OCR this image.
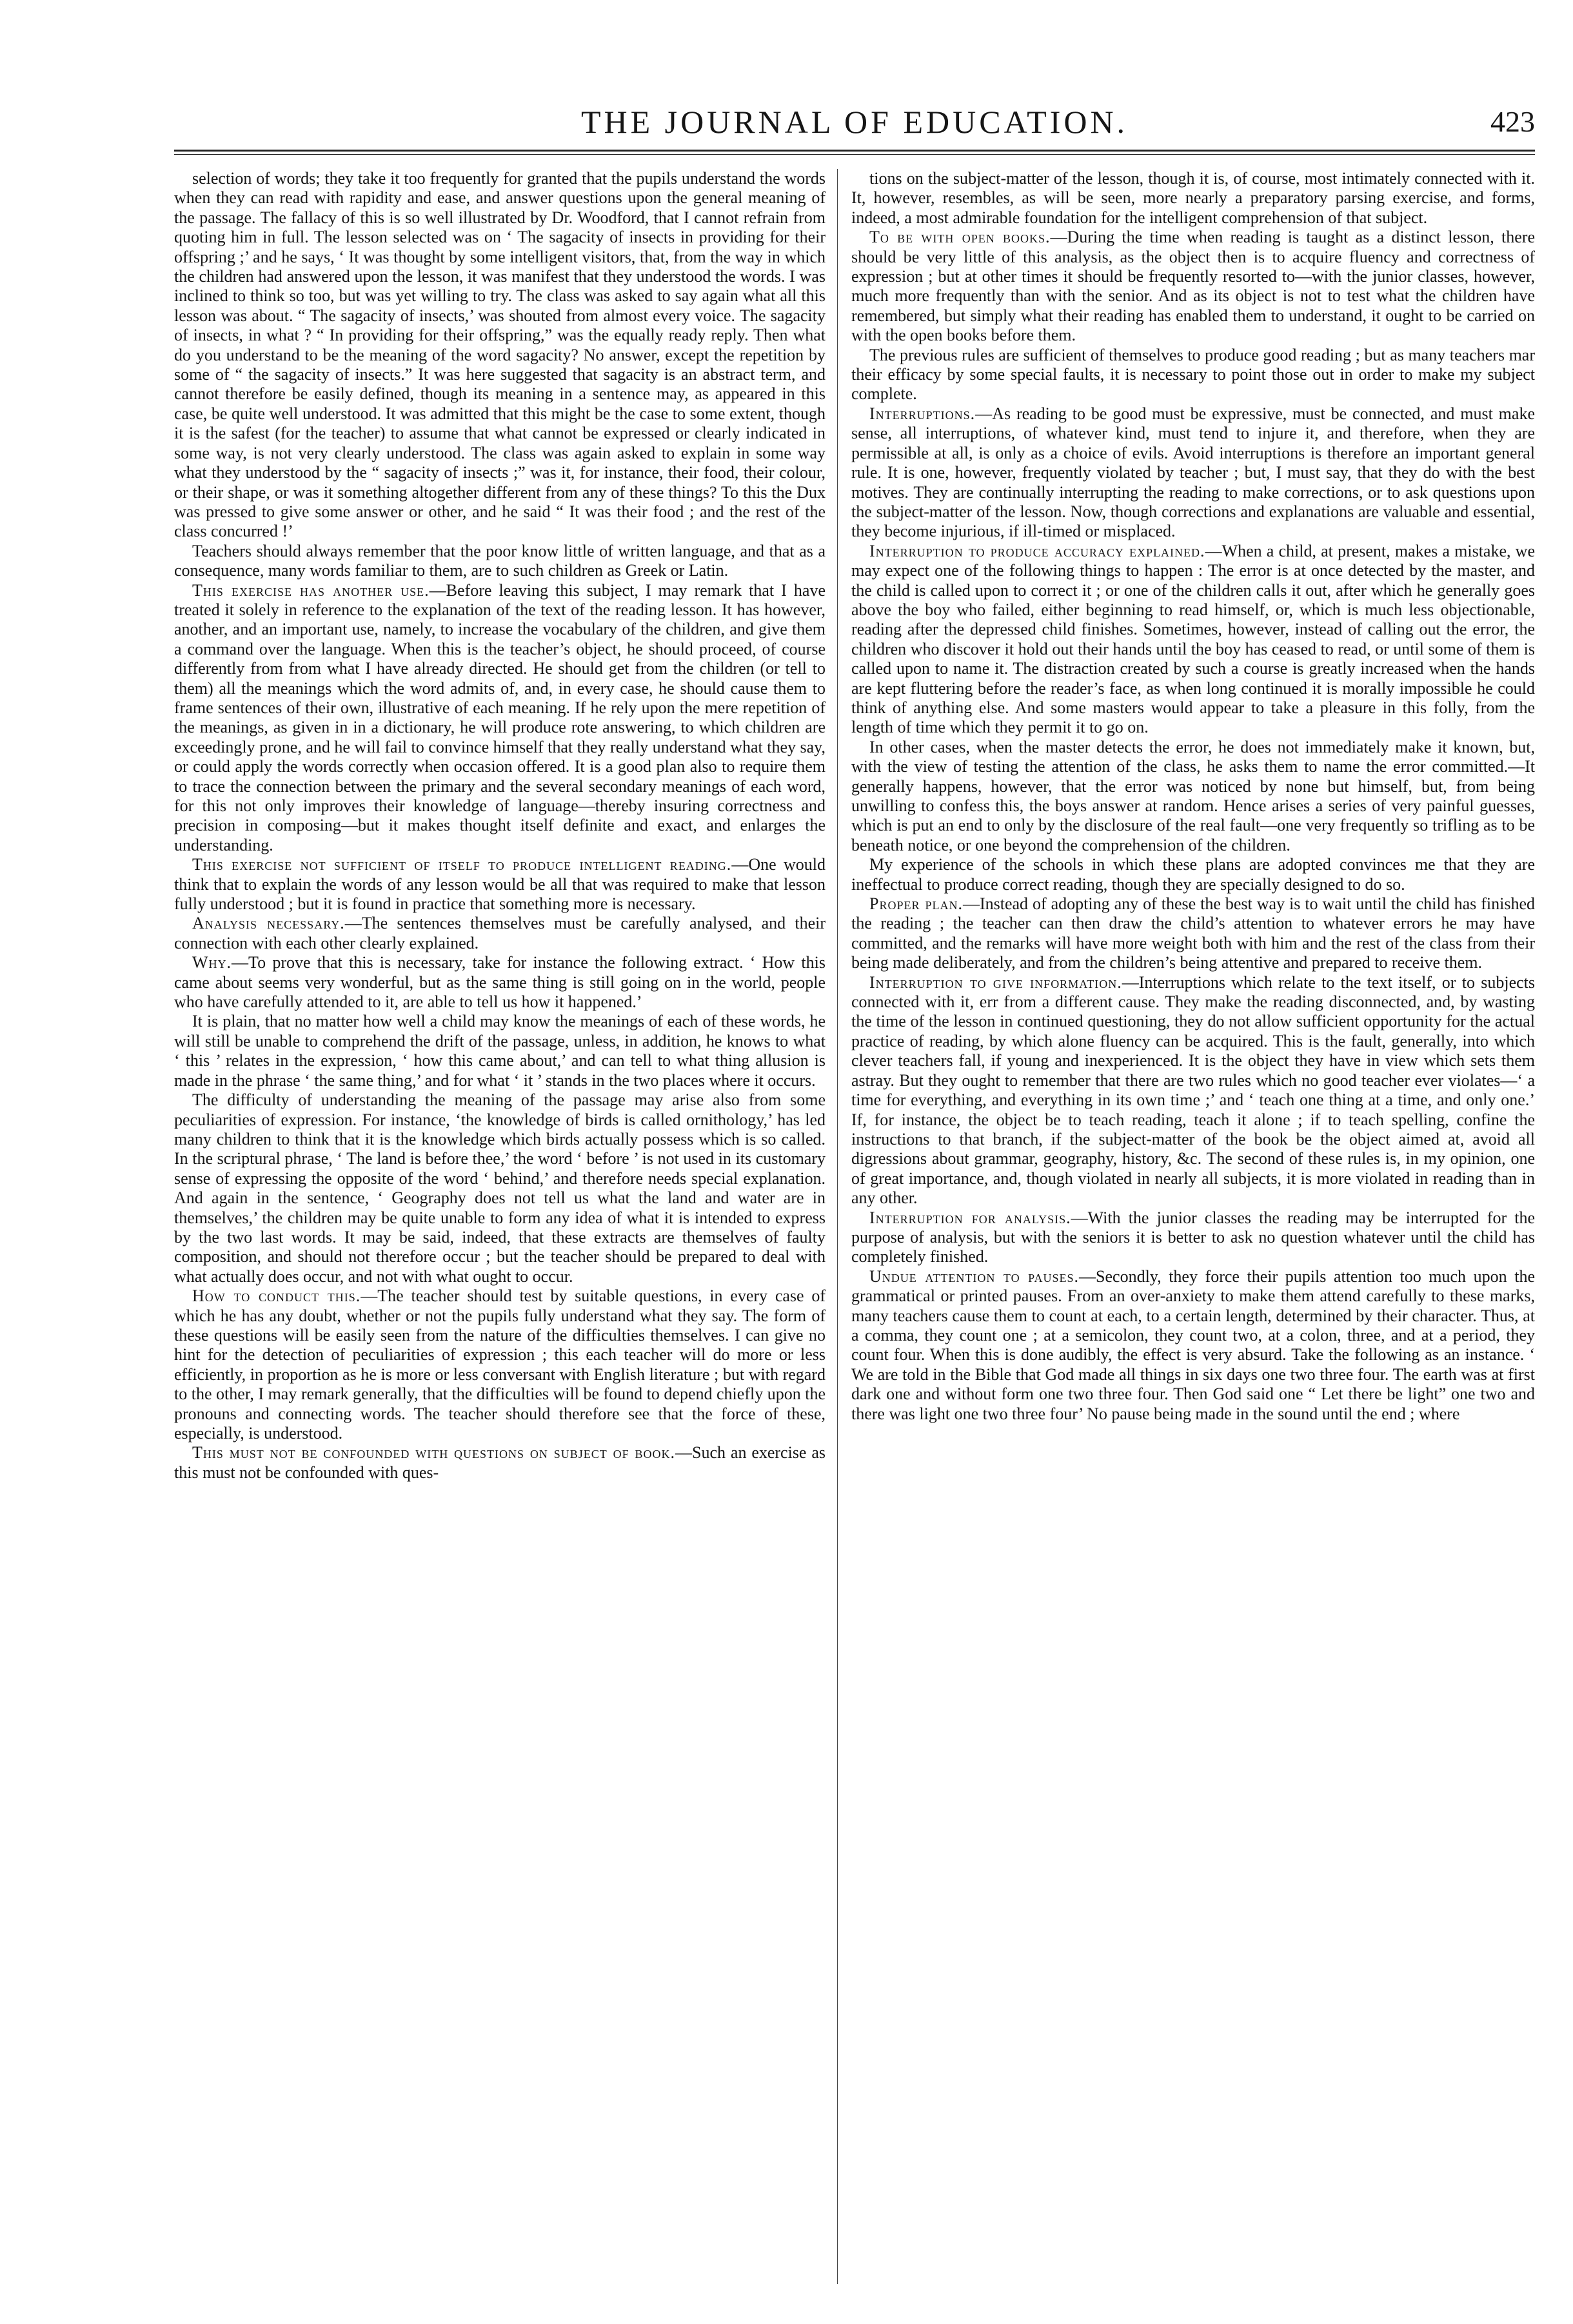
THE JOURNAL OF EDUCATION.	423

selection of words; they take it too frequently for granted that the pupils understand the words when they can read with rapidity and ease, and answer questions upon the general meaning of the passage. The fallacy of this is so well illustrated by Dr. Woodford, that I cannot refrain from quoting him in full. The lesson selected was on ‘ The sagacity of insects in providing for their offspring ;’ and he says, ‘ It was thought by some intelligent visitors, that, from the way in which the children had answered upon the lesson, it was manifest that they understood the words. I was inclined to think so too, but was yet willing to try. The class was asked to say again what all this lesson was about. “ The sagacity of insects,’ was shouted from almost every voice. The sagacity of insects, in what ? “ In providing for their offspring,” was the equally ready reply. Then what do you understand to be the meaning of the word sagacity? No answer, except the repetition by some of “ the sagacity of insects.” It was here suggested that sagacity is an abstract term, and cannot therefore be easily defined, though its meaning in a sentence may, as appeared in this case, be quite well understood. It was admitted that this might be the case to some extent, though it is the safest (for the teacher) to assume that what cannot be expressed or clearly indicated in some way, is not very clearly understood. The class was again asked to explain in some way what they understood by the “ sagacity of insects ;” was it, for instance, their food, their colour, or their shape, or was it something altogether different from any of these things? To this the Dux was pressed to give some answer or other, and he said “ It was their food ; and the rest of the class concurred !’

Teachers should always remember that the poor know little of written language, and that as a consequence, many words familiar to them, are to such children as Greek or Latin.

This exercise has another use.—Before leaving this subject, I may remark that I have treated it solely in reference to the explanation of the text of the reading lesson. It has however, another, and an important use, namely, to increase the vocabulary of the children, and give them a command over the language. When this is the teacher’s object, he should proceed, of course differently from from what I have already directed. He should get from the children (or tell to them) all the meanings which the word admits of, and, in every case, he should cause them to frame sentences of their own, illustrative of each meaning. If he rely upon the mere repetition of the meanings, as given in in a dictionary, he will produce rote answering, to which children are exceedingly prone, and he will fail to convince himself that they really understand what they say, or could apply the words correctly when occasion offered. It is a good plan also to require them to trace the connection between the primary and the several secondary meanings of each word, for this not only improves their knowledge of language—thereby insuring correctness and precision in composing—but it makes thought itself definite and exact, and enlarges the understanding.

This exercise not sufficient of itself to produce intelligent reading.—One would think that to explain the words of any lesson would be all that was required to make that lesson fully understood ; but it is found in practice that something more is necessary.

Analysis necessary.—The sentences themselves must be carefully analysed, and their connection with each other clearly explained.

Why.—To prove that this is necessary, take for instance the following extract. ‘ How this came about seems very wonderful, but as the same thing is still going on in the world, people who have carefully attended to it, are able to tell us how it happened.’

It is plain, that no matter how well a child may know the meanings of each of these words, he will still be unable to comprehend the drift of the passage, unless, in addition, he knows to what ‘ this ’ relates in the expression, ‘ how this came about,’ and can tell to what thing allusion is made in the phrase ‘ the same thing,’ and for what ‘ it ’ stands in the two places where it occurs.

The difficulty of understanding the meaning of the passage may arise also from some peculiarities of expression. For instance, ‘the knowledge of birds is called ornithology,’ has led many children to think that it is the knowledge which birds actually possess which is so called. In the scriptural phrase, ‘ The land is before thee,’ the word ‘ before ’ is not used in its customary sense of expressing the opposite of the word ‘ behind,’ and therefore needs special explanation. And again in the sentence, ‘ Geography does not tell us what the land and water are in themselves,’ the children may be quite unable to form any idea of what it is intended to express by the two last words. It may be said, indeed, that these extracts are themselves of faulty composition, and should not therefore occur ; but the teacher should be prepared to deal with what actually does occur, and not with what ought to occur.

How to conduct this.—The teacher should test by suitable questions, in every case of which he has any doubt, whether or not the pupils fully understand what they say. The form of these questions will be easily seen from the nature of the difficulties themselves. I can give no hint for the detection of peculiarities of expression ; this each teacher will do more or less efficiently, in proportion as he is more or less conversant with English literature ; but with regard to the other, I may remark generally, that the difficulties will be found to depend chiefly upon the pronouns and connecting words. The teacher should therefore see that the force of these, especially, is understood.

This must not be confounded with questions on subject of book.—Such an exercise as this must not be confounded with ques-

tions on the subject-matter of the lesson, though it is, of course, most intimately connected with it. It, however, resembles, as will be seen, more nearly a preparatory parsing exercise, and forms, indeed, a most admirable foundation for the intelligent comprehension of that subject.

To be with open books.—During the time when reading is taught as a distinct lesson, there should be very little of this analysis, as the object then is to acquire fluency and correctness of expression ; but at other times it should be frequently resorted to—with the junior classes, however, much more frequently than with the senior. And as its object is not to test what the children have remembered, but simply what their reading has enabled them to understand, it ought to be carried on with the open books before them.

The previous rules are sufficient of themselves to produce good reading ; but as many teachers mar their efficacy by some special faults, it is necessary to point those out in order to make my subject complete.

Interruptions.—As reading to be good must be expressive, must be connected, and must make sense, all interruptions, of whatever kind, must tend to injure it, and therefore, when they are permissible at all, is only as a choice of evils. Avoid interruptions is therefore an important general rule. It is one, however, frequently violated by teacher ; but, I must say, that they do with the best motives. They are continually interrupting the reading to make corrections, or to ask questions upon the subject-matter of the lesson. Now, though corrections and explanations are valuable and essential, they become injurious, if ill-timed or misplaced.

Interruption to produce accuracy explained.—When a child, at present, makes a mistake, we may expect one of the following things to happen : The error is at once detected by the master, and the child is called upon to correct it ; or one of the children calls it out, after which he generally goes above the boy who failed, either beginning to read himself, or, which is much less objectionable, reading after the depressed child finishes. Sometimes, however, instead of calling out the error, the children who discover it hold out their hands until the boy has ceased to read, or until some of them is called upon to name it. The distraction created by such a course is greatly increased when the hands are kept fluttering before the reader’s face, as when long continued it is morally impossible he could think of anything else. And some masters would appear to take a pleasure in this folly, from the length of time which they permit it to go on.

In other cases, when the master detects the error, he does not immediately make it known, but, with the view of testing the attention of the class, he asks them to name the error committed.—It generally happens, however, that the error was noticed by none but himself, but, from being unwilling to confess this, the boys answer at random. Hence arises a series of very painful guesses, which is put an end to only by the disclosure of the real fault—one very frequently so trifling as to be beneath notice, or one beyond the comprehension of the children.

My experience of the schools in which these plans are adopted convinces me that they are ineffectual to produce correct reading, though they are specially designed to do so.

Proper plan.—Instead of adopting any of these the best way is to wait until the child has finished the reading ; the teacher can then draw the child’s attention to whatever errors he may have committed, and the remarks will have more weight both with him and the rest of the class from their being made deliberately, and from the children’s being attentive and prepared to receive them.

Interruption to give information.—Interruptions which relate to the text itself, or to subjects connected with it, err from a different cause. They make the reading disconnected, and, by wasting the time of the lesson in continued questioning, they do not allow sufficient opportunity for the actual practice of reading, by which alone fluency can be acquired. This is the fault, generally, into which clever teachers fall, if young and inexperienced. It is the object they have in view which sets them astray. But they ought to remember that there are two rules which no good teacher ever violates—‘ a time for everything, and everything in its own time ;’ and ‘ teach one thing at a time, and only one.’ If, for instance, the object be to teach reading, teach it alone ; if to teach spelling, confine the instructions to that branch, if the subject-matter of the book be the object aimed at, avoid all digressions about grammar, geography, history, &c. The second of these rules is, in my opinion, one of great importance, and, though violated in nearly all subjects, it is more violated in reading than in any other.

Interruption for analysis.—With the junior classes the reading may be interrupted for the purpose of analysis, but with the seniors it is better to ask no question whatever until the child has completely finished.

Undue attention to pauses.—Secondly, they force their pupils attention too much upon the grammatical or printed pauses. From an over-anxiety to make them attend carefully to these marks, many teachers cause them to count at each, to a certain length, determined by their character. Thus, at a comma, they count one ; at a semicolon, they count two, at a colon, three, and at a period, they count four. When this is done audibly, the effect is very absurd. Take the following as an instance. ‘ We are told in the Bible that God made all things in six days one two three four. The earth was at first dark one and without form one two three four. Then God said one “ Let there be light” one two and there was light one two three four’ No pause being made in the sound until the end ; where
